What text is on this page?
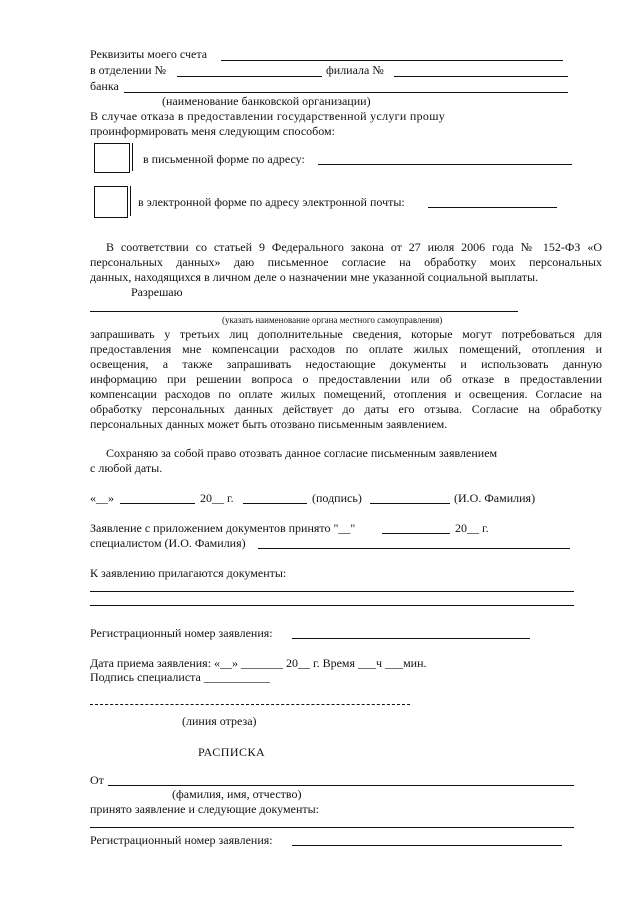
Реквизиты моего счета
в отделении №	филиала №
банка
(наименование банковской организации)
В случае отказа в предоставлении государственной услуги прошу
проинформировать меня следующим способом:
в письменной форме по адресу:
в электронной форме по адресу электронной почты:
В соответствии со статьей 9 Федерального закона от 27 июля 2006 года № 152-ФЗ «О
персональных данных» даю письменное согласие на обработку моих персональных
данных, находящихся в личном деле о назначении мне указанной социальной выплаты.
Разрешаю
(указать наименование органа местного самоуправления)
запрашивать у третьих лиц дополнительные сведения, которые могут потребоваться для
предоставления мне компенсации расходов по оплате жилых помещений, отопления и
освещения, а также запрашивать недостающие документы и использовать данную
информацию при решении вопроса о предоставлении или об отказе в предоставлении
компенсации расходов по оплате жилых помещений, отопления и освещения. Согласие на
обработку персональных данных действует до даты его отзыва. Согласие на обработку
персональных данных может быть отозвано письменным заявлением.
Сохраняю за собой право отозвать данное согласие письменным заявлением
с любой даты.
«__»	20__ г.	(подпись)	(И.О. Фамилия)
Заявление с приложением документов принято "__"	20__ г.
специалистом (И.О. Фамилия)
К заявлению прилагаются документы:
Регистрационный номер заявления:
Дата приема заявления: «__» _______ 20__ г. Время ___ч ___мин.
Подпись специалиста ___________
(линия отреза)
РАСПИСКА
От
(фамилия, имя, отчество)
принято заявление и следующие документы:
Регистрационный номер заявления:
